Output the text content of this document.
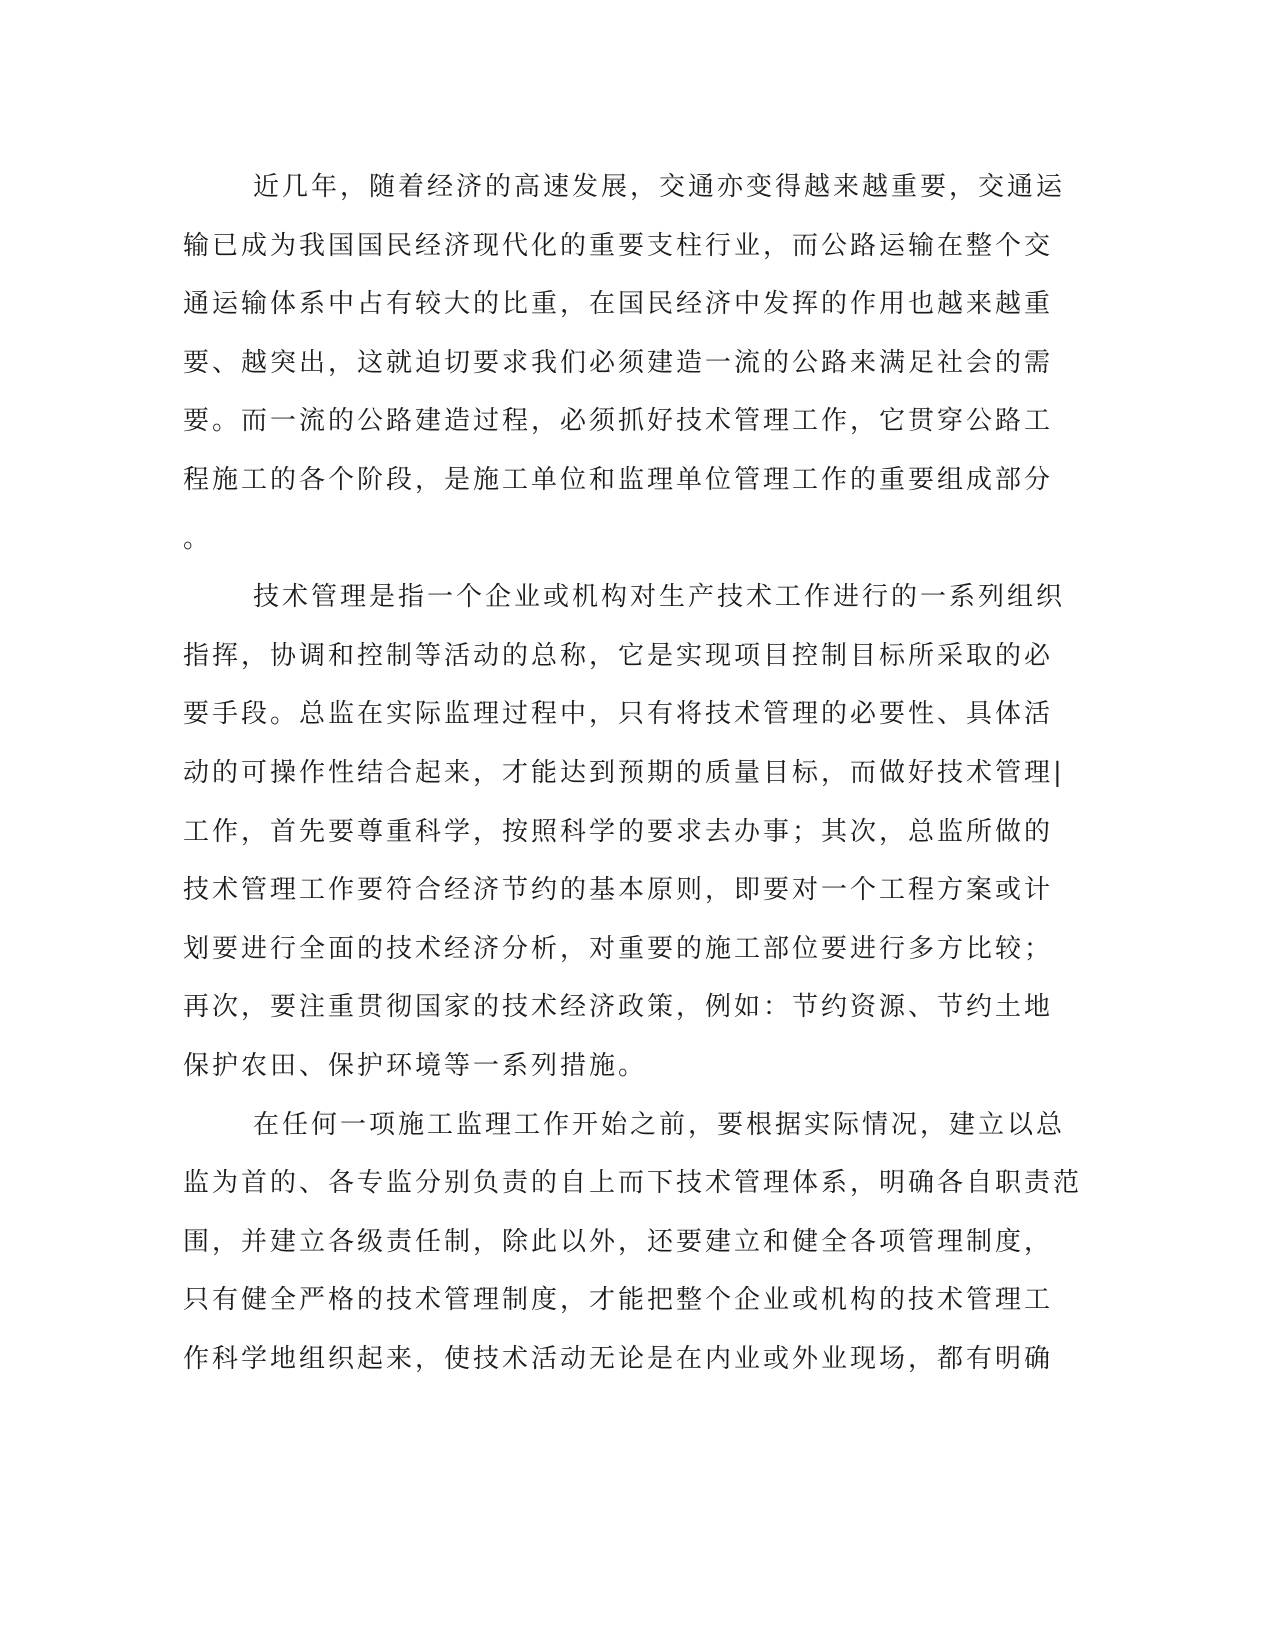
近几年，随着经济的高速发展，交通亦变得越来越重要，交通运
输已成为我国国民经济现代化的重要支柱行业，而公路运输在整个交
通运输体系中占有较大的比重，在国民经济中发挥的作用也越来越重
要、越突出，这就迫切要求我们必须建造一流的公路来满足社会的需
要。而一流的公路建造过程，必须抓好技术管理工作，它贯穿公路工
程施工的各个阶段，是施工单位和监理单位管理工作的重要组成部分
。
技术管理是指一个企业或机构对生产技术工作进行的一系列组织
指挥，协调和控制等活动的总称，它是实现项目控制目标所采取的必
要手段。总监在实际监理过程中，只有将技术管理的必要性、具体活
动的可操作性结合起来，才能达到预期的质量目标，而做好技术管理|
工作，首先要尊重科学，按照科学的要求去办事；其次，总监所做的
技术管理工作要符合经济节约的基本原则，即要对一个工程方案或计
划要进行全面的技术经济分析，对重要的施工部位要进行多方比较；
再次，要注重贯彻国家的技术经济政策，例如：节约资源、节约土地
保护农田、保护环境等一系列措施。
在任何一项施工监理工作开始之前，要根据实际情况，建立以总
监为首的、各专监分别负责的自上而下技术管理体系，明确各自职责范
围，并建立各级责任制，除此以外，还要建立和健全各项管理制度，
只有健全严格的技术管理制度，才能把整个企业或机构的技术管理工
作科学地组织起来，使技术活动无论是在内业或外业现场，都有明确
